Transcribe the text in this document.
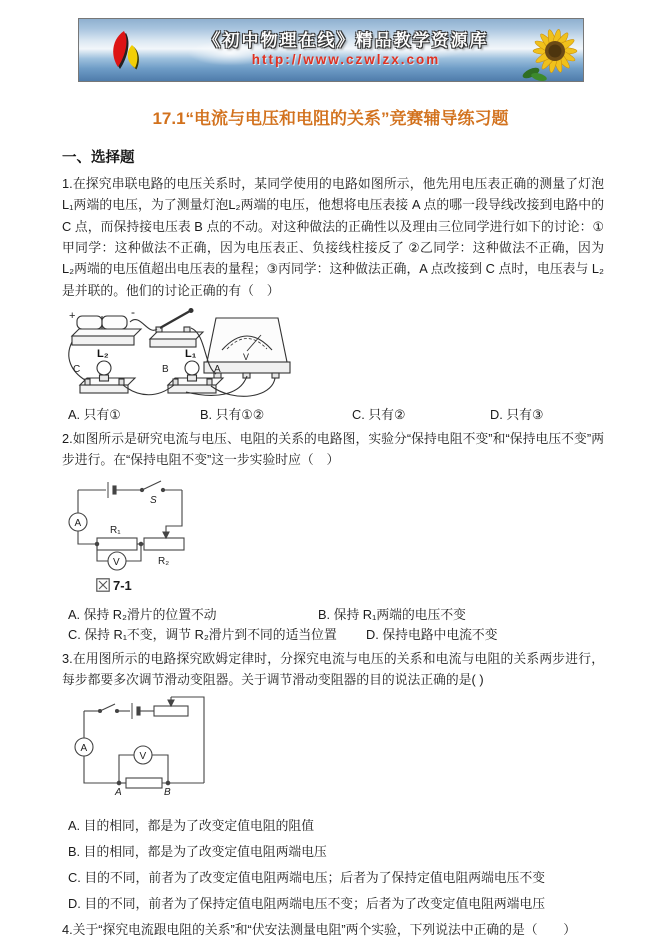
《初中物理在线》精品教学资源库
http://www.czwlzx.com
17.1“电流与电压和电阻的关系”竞赛辅导练习题
一、选择题

1.在探究串联电路的电压关系时，某同学使用的电路如图所示，他先用电压表正确的测量了灯泡L₁两端的电压，为了测量灯泡L₂两端的电压，他想将电压表接 A 点的哪一段导线改接到电路中的 C 点，而保持接电压表 B 点的不动。对这种做法的正确性以及理由三位同学进行如下的讨论：①甲同学：这种做法不正确，因为电压表正、负接线柱接反了 ②乙同学：这种做法不正确，因为 L₂两端的电压值超出电压表的量程；③丙同学：这种做法正确，A 点改接到 C 点时，电压表与 L₂是并联的。他们的讨论正确的有（　）

+	-
L₂	L₁
C	B	A
V
A. 只有①	B. 只有①②	C. 只有②	D. 只有③

2.如图所示是研究电流与电压、电阻的关系的电路图，实验分“保持电阻不变”和“保持电压不变”两步进行。在“保持电阻不变”这一步实验时应（　）

S
A
R₁
R₂
V
7-1
A. 保持 R₂滑片的位置不动	B. 保持 R₁两端的电压不变
C. 保持 R₁不变，调节 R₂滑片到不同的适当位置	D. 保持电路中电流不变

3.在用图所示的电路探究欧姆定律时，分探究电流与电压的关系和电流与电阻的关系两步进行，每步都要多次调节滑动变阻器。关于调节滑动变阻器的目的说法正确的是( )

A
V
A	B
A. 目的相同，都是为了改变定值电阻的阻值
B. 目的相同，都是为了改变定值电阻两端电压
C. 目的不同，前者为了改变定值电阻两端电压；后者为了保持定值电阻两端电压不变
D. 目的不同，前者为了保持定值电阻两端电压不变；后者为了改变定值电阻两端电压

4.关于“探究电流跟电阻的关系”和“伏安法测量电阻”两个实验，下列说法中正确的是（　　）
